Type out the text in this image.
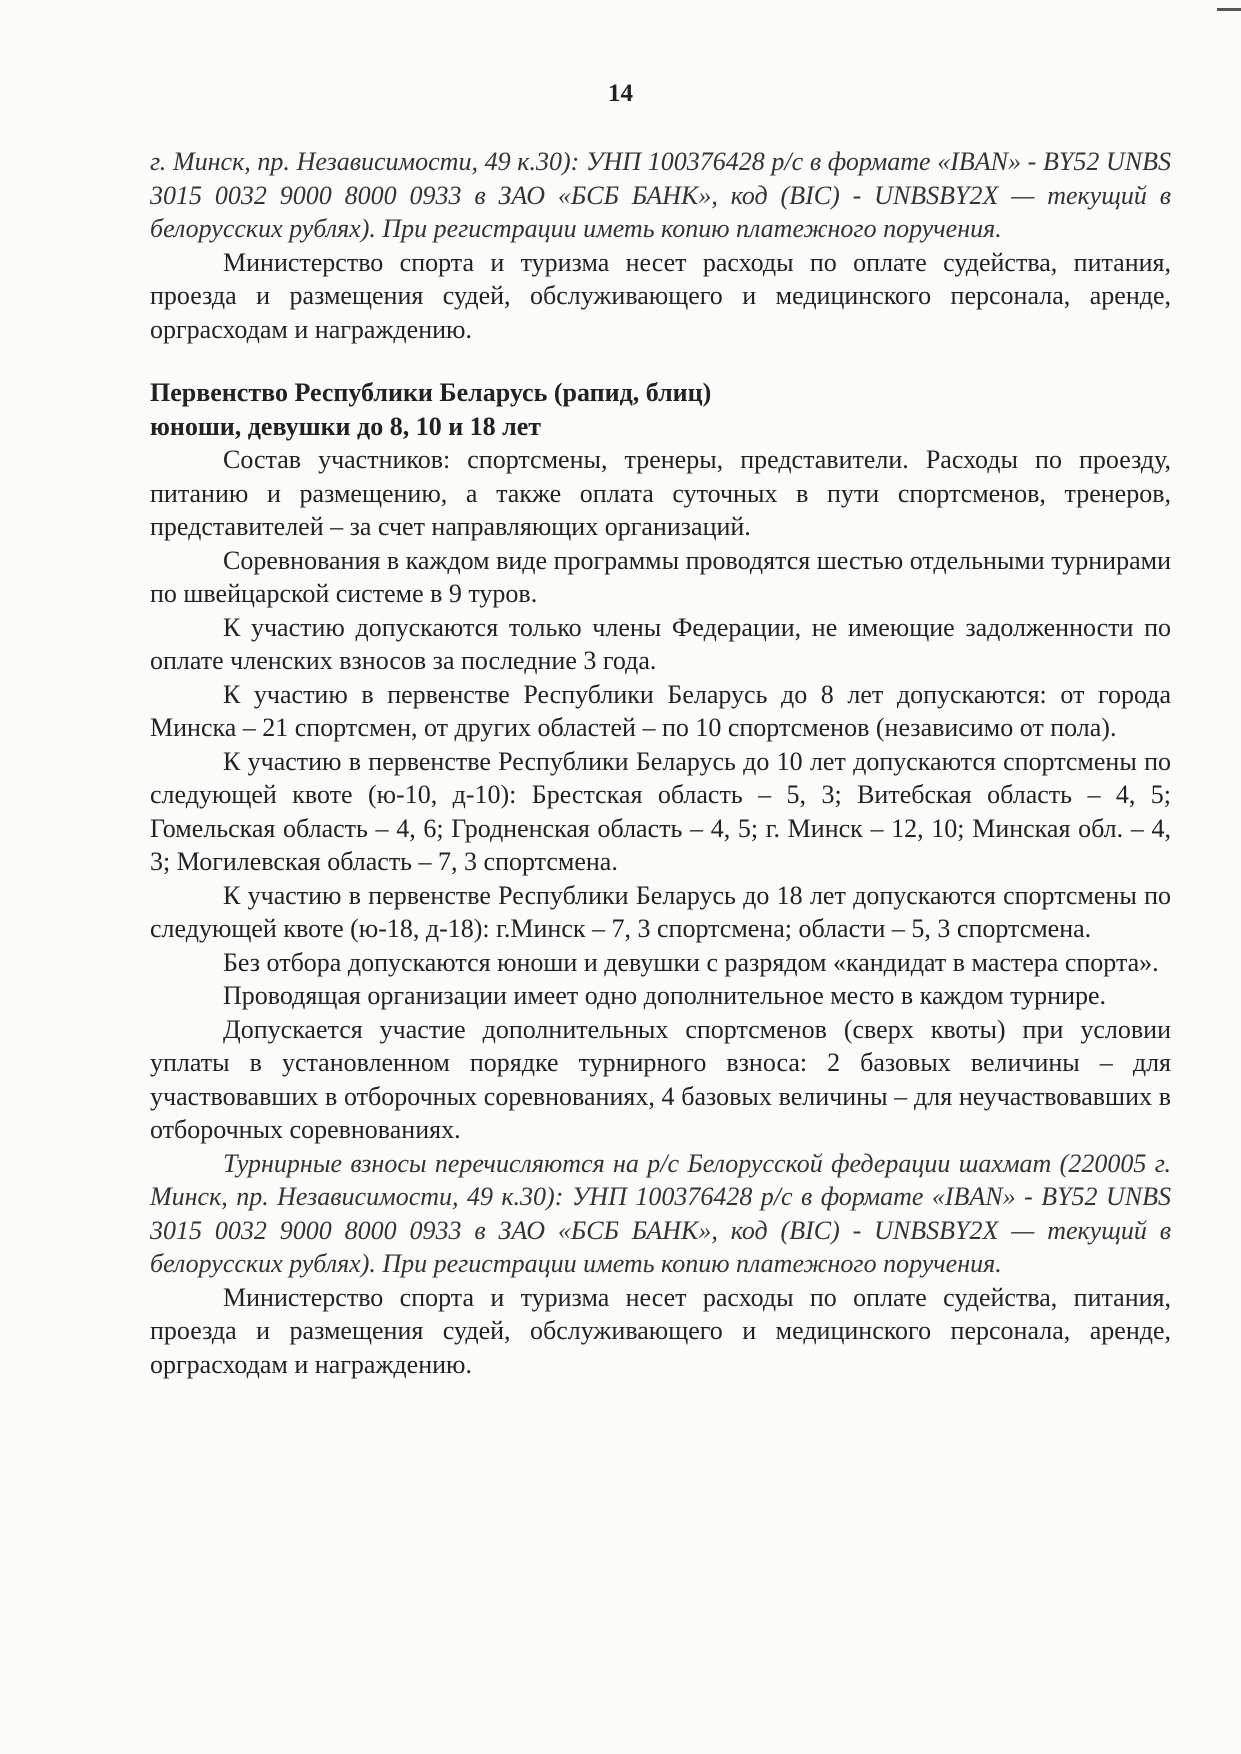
14

г. Минск, пр. Независимости, 49 к.30): УНП 100376428 р/с в формате «IBAN» - BY52 UNBS 3015 0032 9000 8000 0933 в ЗАО «БСБ БАНК», код (BIC) - UNBSBY2X — текущий в белорусских рублях). При регистрации иметь копию платежного поручения.

Министерство спорта и туризма несет расходы по оплате судейства, питания, проезда и размещения судей, обслуживающего и медицинского персонала, аренде, орграсходам и награждению.

Первенство Республики Беларусь (рапид, блиц)

юноши, девушки до 8, 10 и 18 лет

Состав участников: спортсмены, тренеры, представители. Расходы по проезду, питанию и размещению, а также оплата суточных в пути спортсменов, тренеров, представителей – за счет направляющих организаций.

Соревнования в каждом виде программы проводятся шестью отдельными турнирами по швейцарской системе в 9 туров.

К участию допускаются только члены Федерации, не имеющие задолженности по оплате членских взносов за последние 3 года.

К участию в первенстве Республики Беларусь до 8 лет допускаются: от города Минска – 21 спортсмен, от других областей – по 10 спортсменов (независимо от пола).

К участию в первенстве Республики Беларусь до 10 лет допускаются спортсмены по следующей квоте (ю-10, д-10): Брестская область – 5, 3; Витебская область – 4, 5; Гомельская область – 4, 6; Гродненская область – 4, 5; г. Минск – 12, 10; Минская обл. – 4, 3; Могилевская область – 7, 3 спортсмена.

К участию в первенстве Республики Беларусь до 18 лет допускаются спортсмены по следующей квоте (ю-18, д-18): г.Минск – 7, 3 спортсмена; области – 5, 3 спортсмена.

Без отбора допускаются юноши и девушки с разрядом «кандидат в мастера спорта».

Проводящая организации имеет одно дополнительное место в каждом турнире.

Допускается участие дополнительных спортсменов (сверх квоты) при условии уплаты в установленном порядке турнирного взноса: 2 базовых величины – для участвовавших в отборочных соревнованиях, 4 базовых величины – для неучаствовавших в отборочных соревнованиях.

Турнирные взносы перечисляются на р/с Белорусской федерации шахмат (220005 г. Минск, пр. Независимости, 49 к.30): УНП 100376428 р/с в формате «IBAN» - BY52 UNBS 3015 0032 9000 8000 0933 в ЗАО «БСБ БАНК», код (BIC) - UNBSBY2X — текущий в белорусских рублях). При регистрации иметь копию платежного поручения.

Министерство спорта и туризма несет расходы по оплате судейства, питания, проезда и размещения судей, обслуживающего и медицинского персонала, аренде, орграсходам и награждению.
